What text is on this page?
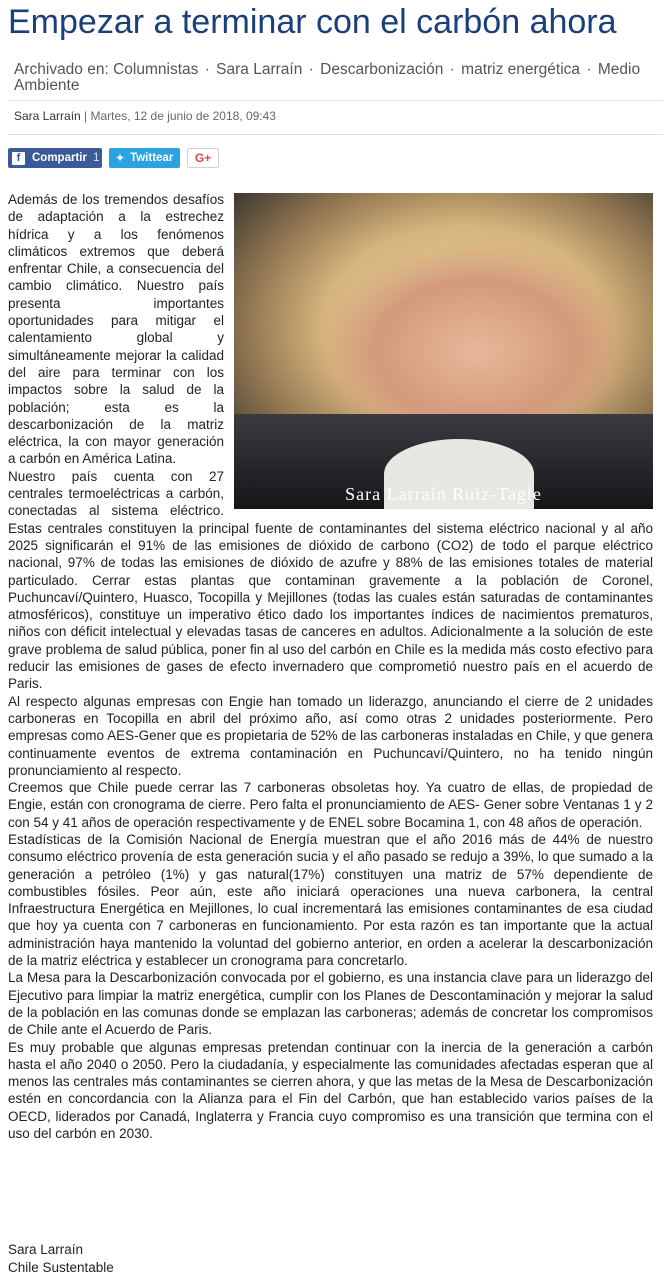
Empezar a terminar con el carbón ahora
Archivado en: Columnistas · Sara Larraín · Descarbonización · matriz energética · Medio Ambiente
Sara Larraín | Martes, 12 de junio de 2018, 09:43
f	Compartir 1 ✦ Twittear G+
Sara Larraín Ruiz-Tagle

Además de los tremendos desafíos de adaptación a la estrechez hídrica y a los fenómenos climáticos extremos que deberá enfrentar Chile, a consecuencia del cambio climático. Nuestro país presenta importantes oportunidades para mitigar el calentamiento global y simultáneamente mejorar la calidad del aire para terminar con los impactos sobre la salud de la población; esta es la descarbonización de la matriz eléctrica, la con mayor generación a carbón en América Latina.

Nuestro país cuenta con 27 centrales termoeléctricas a carbón, conectadas al sistema eléctrico. Estas centrales constituyen la principal fuente de contaminantes del sistema eléctrico nacional y al año 2025 significarán el 91% de las emisiones de dióxido de carbono (CO2) de todo el parque eléctrico nacional, 97% de todas las emisiones de dióxido de azufre y 88% de las emisiones totales de material particulado. Cerrar estas plantas que contaminan gravemente a la población de Coronel, Puchuncaví/Quintero, Huasco, Tocopilla y Mejillones (todas las cuales están saturadas de contaminantes atmosféricos), constituye un imperativo ético dado los importantes índices de nacimientos prematuros, niños con déficit intelectual y elevadas tasas de canceres en adultos. Adicionalmente a la solución de este grave problema de salud pública, poner fin al uso del carbón en Chile es la medida más costo efectivo para reducir las emisiones de gases de efecto invernadero que comprometió nuestro país en el acuerdo de Paris.

Al respecto algunas empresas con Engie han tomado un liderazgo, anunciando el cierre de 2 unidades carboneras en Tocopilla en abril del próximo año, así como otras 2 unidades posteriormente. Pero empresas como AES-Gener que es propietaria de 52% de las carboneras instaladas en Chile, y que genera continuamente eventos de extrema contaminación en Puchuncaví/Quintero, no ha tenido ningún pronunciamiento al respecto.

Creemos que Chile puede cerrar las 7 carboneras obsoletas hoy. Ya cuatro de ellas, de propiedad de Engie, están con cronograma de cierre. Pero falta el pronunciamiento de AES- Gener sobre Ventanas 1 y 2 con 54 y 41 años de operación respectivamente y de ENEL sobre Bocamina 1, con 48 años de operación.

Estadísticas de la Comisión Nacional de Energía muestran que el año 2016 más de 44% de nuestro consumo eléctrico provenía de esta generación sucia y el año pasado se redujo a 39%, lo que sumado a la generación a petróleo (1%) y gas natural(17%) constituyen una matriz de 57% dependiente de combustibles fósiles. Peor aún, este año iniciará operaciones una nueva carbonera, la central Infraestructura Energética en Mejillones, lo cual incrementará las emisiones contaminantes de esa ciudad que hoy ya cuenta con 7 carboneras en funcionamiento. Por esta razón es tan importante que la actual administración haya mantenido la voluntad del gobierno anterior, en orden a acelerar la descarbonización de la matriz eléctrica y establecer un cronograma para concretarlo.

La Mesa para la Descarbonización convocada por el gobierno, es una instancia clave para un liderazgo del Ejecutivo para limpiar la matriz energética, cumplir con los Planes de Descontaminación y mejorar la salud de la población en las comunas donde se emplazan las carboneras; además de concretar los compromisos de Chile ante el Acuerdo de Paris.

Es muy probable que algunas empresas pretendan continuar con la inercia de la generación a carbón hasta el año 2040 o 2050. Pero la ciudadanía, y especialmente las comunidades afectadas esperan que al menos las centrales más contaminantes se cierren ahora, y que las metas de la Mesa de Descarbonización estén en concordancia con la Alianza para el Fin del Carbón, que han establecido varios países de la OECD, liderados por Canadá, Inglaterra y Francia cuyo compromiso es una transición que termina con el uso del carbón en 2030.

Sara Larraín
Chile Sustentable
